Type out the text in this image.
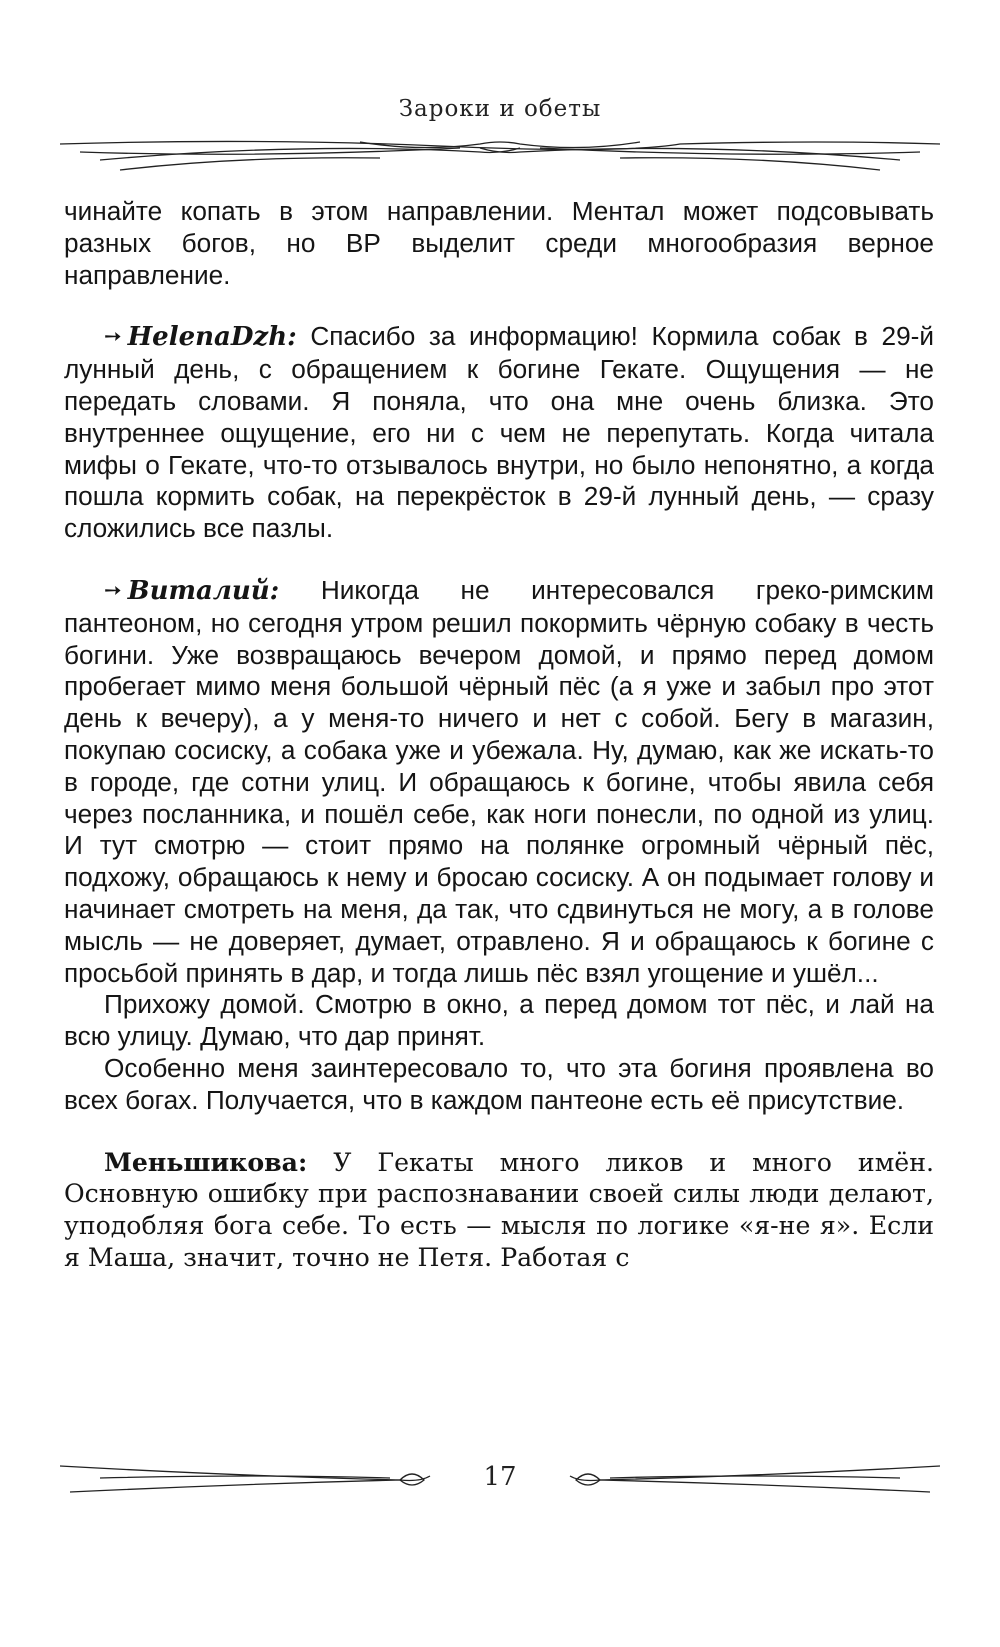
Зароки и обеты

чинайте копать в этом направлении. Ментал может подсовывать разных богов, но ВР выделит среди многообразия верное направление.

➙ HelenaDzh: Спасибо за информацию! Кормила собак в 29-й лунный день, с обращением к богине Гекате. Ощущения — не передать словами. Я поняла, что она мне очень близка. Это внутреннее ощущение, его ни с чем не перепутать. Когда читала мифы о Гекате, что-то отзывалось внутри, но было непонятно, а когда пошла кормить собак, на перекрёсток в 29-й лунный день, — сразу сложились все пазлы.

➙ Виталий: Никогда не интересовался греко-римским пантеоном, но сегодня утром решил покормить чёрную собаку в честь богини. Уже возвращаюсь вечером домой, и прямо перед домом пробегает мимо меня большой чёрный пёс (а я уже и забыл про этот день к вечеру), а у меня-то ничего и нет с собой. Бегу в магазин, покупаю сосиску, а собака уже и убежала. Ну, думаю, как же искать-то в городе, где сотни улиц. И обращаюсь к богине, чтобы явила себя через посланника, и пошёл себе, как ноги понесли, по одной из улиц. И тут смотрю — стоит прямо на полянке огромный чёрный пёс, подхожу, обращаюсь к нему и бросаю сосиску. А он подымает голову и начинает смотреть на меня, да так, что сдвинуться не могу, а в голове мысль — не доверяет, думает, отравлено. Я и обращаюсь к богине с просьбой принять в дар, и тогда лишь пёс взял угощение и ушёл...

Прихожу домой. Смотрю в окно, а перед домом тот пёс, и лай на всю улицу. Думаю, что дар принят.

Особенно меня заинтересовало то, что эта богиня проявлена во всех богах. Получается, что в каждом пантеоне есть её присутствие.

Меньшикова: У Гекаты много ликов и много имён. Основную ошибку при распознавании своей силы люди делают, уподобляя бога себе. То есть — мысля по логике «я-не я». Если я Маша, значит, точно не Петя. Работая с

17
